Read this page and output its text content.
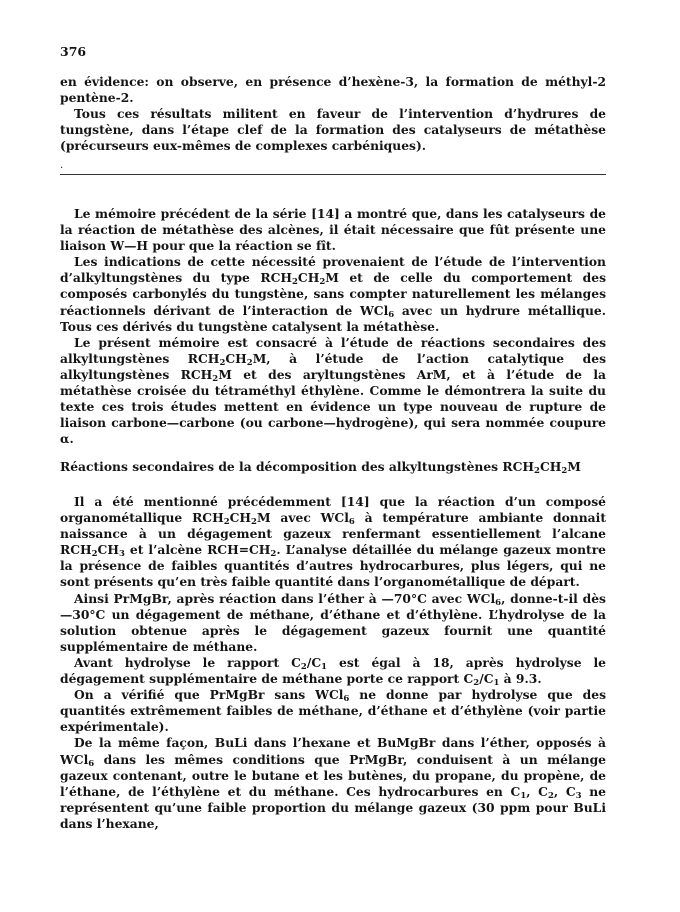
376

en évidence: on observe, en présence d’hexène-3, la formation de méthyl-2 pentène-2.

Tous ces résultats militent en faveur de l’intervention d’hydrures de tungstène, dans l’étape clef de la formation des catalyseurs de métathèse (précurseurs eux-mêmes de complexes carbéniques).

.

Le mémoire précédent de la série [14] a montré que, dans les catalyseurs de la réaction de métathèse des alcènes, il était nécessaire que fût présente une liaison W—H pour que la réaction se fît.

Les indications de cette nécessité provenaient de l’étude de l’intervention d’alkyltungstènes du type $RCH_2CH_2M$ et de celle du comportement des composés carbonylés du tungstène, sans compter naturellement les mélanges réactionnels dérivant de l’interaction de WCl$_6$ avec un hydrure métallique. Tous ces dérivés du tungstène catalysent la métathèse.

Le présent mémoire est consacré à l’étude de réactions secondaires des alkyltungstènes $RCH_2CH_2M$, à l’étude de l’action catalytique des alkyltungstènes $RCH_2M$ et des aryltungstènes ArM, et à l’étude de la métathèse croisée du tétraméthyl éthylène. Comme le démontrera la suite du texte ces trois études mettent en évidence un type nouveau de rupture de liaison carbone—carbone (ou carbone—hydrogène), qui sera nommée coupure α.

Réactions secondaires de la décomposition des alkyltungstènes $RCH_2CH_2M$

Il a été mentionné précédemment [14] que la réaction d’un composé organométallique $RCH_2CH_2M$ avec WCl$_6$ à température ambiante donnait naissance à un dégagement gazeux renfermant essentiellement l’alcane $RCH_2CH_3$ et l’alcène $RCH=CH_2$. L’analyse détaillée du mélange gazeux montre la présence de faibles quantités d’autres hydrocarbures, plus légers, qui ne sont présents qu’en très faible quantité dans l’organométallique de départ.

Ainsi PrMgBr, après réaction dans l’éther à —70°C avec WCl$_6$, donne-t-il dès —30°C un dégagement de méthane, d’éthane et d’éthylène. L’hydrolyse de la solution obtenue après le dégagement gazeux fournit une quantité supplémentaire de méthane.

Avant hydrolyse le rapport $C_2/C_1$ est égal à 18, après hydrolyse le dégagement supplémentaire de méthane porte ce rapport $C_2/C_1$ à 9.3.

On a vérifié que PrMgBr sans WCl$_6$ ne donne par hydrolyse que des quantités extrêmement faibles de méthane, d’éthane et d’éthylène (voir partie expérimentale).

De la même façon, BuLi dans l’hexane et BuMgBr dans l’éther, opposés à WCl$_6$ dans les mêmes conditions que PrMgBr, conduisent à un mélange gazeux contenant, outre le butane et les butènes, du propane, du propène, de l’éthane, de l’éthylène et du méthane. Ces hydrocarbures en $C_1$, $C_2$, $C_3$ ne représentent qu’une faible proportion du mélange gazeux (30 ppm pour BuLi dans l’hexane,
